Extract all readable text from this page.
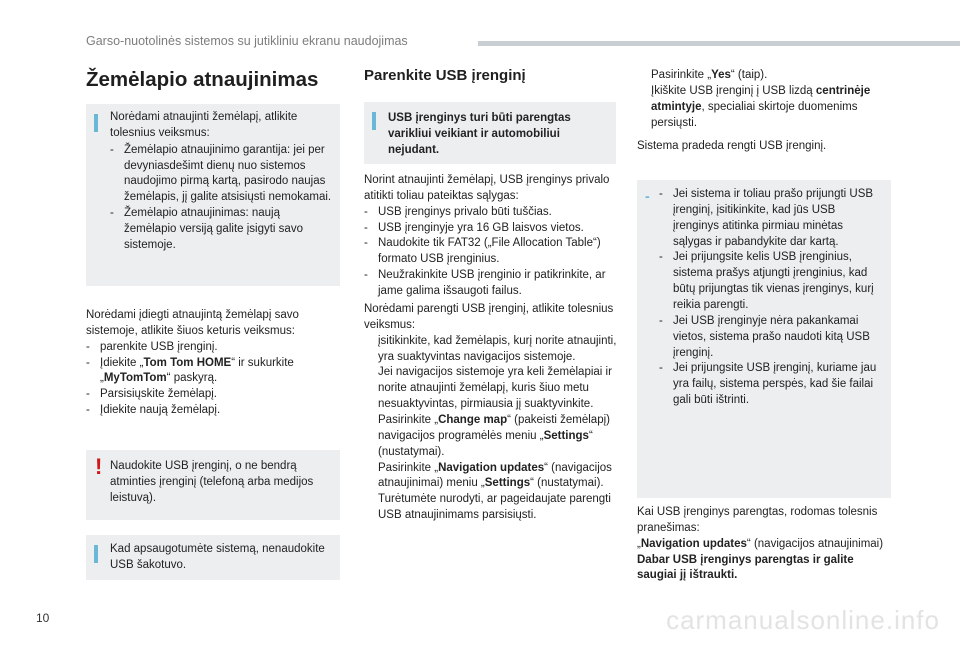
Garso-nuotolinės sistemos su jutikliniu ekranu naudojimas
Žemėlapio atnaujinimas

Norėdami atnaujinti žemėlapį, atlikite tolesnius veiksmus:

- Žemėlapio atnaujinimo garantija: jei per devyniasdešimt dienų nuo sistemos naudojimo pirmą kartą, pasirodo naujas žemėlapis, jį galite atsisiųsti nemokamai.
- Žemėlapio atnaujinimas: naują žemėlapio versiją galite įsigyti savo sistemoje.

Norėdami įdiegti atnaujintą žemėlapį savo sistemoje, atlikite šiuos keturis veiksmus:

- parenkite USB įrenginį.
- Įdiekite „Tom Tom HOME“ ir sukurkite „MyTomTom“ paskyrą.
- Parsisiųskite žemėlapį.
- Įdiekite naują žemėlapį.
! Naudokite USB įrenginį, o ne bendrą atminties įrenginį (telefoną arba medijos leistuvą).

Kad apsaugotumėte sistemą, nenaudokite USB šakotuvo.

Parenkite USB įrenginį

USB įrenginys turi būti parengtas varikliui veikiant ir automobiliui nejudant.

Norint atnaujinti žemėlapį, USB įrenginys privalo atitikti toliau pateiktas sąlygas:

- USB įrenginys privalo būti tuščias.
- USB įrenginyje yra 16 GB laisvos vietos.
- Naudokite tik FAT32 („File Allocation Table“) formato USB įrenginius.
- Neužrakinkite USB įrenginio ir patikrinkite, ar jame galima išsaugoti failus.

Norėdami parengti USB įrenginį, atlikite tolesnius veiksmus:

įsitikinkite, kad žemėlapis, kurį norite atnaujinti, yra suaktyvintas navigacijos sistemoje.
Jei navigacijos sistemoje yra keli žemėlapiai ir norite atnaujinti žemėlapį, kuris šiuo metu nesuaktyvintas, pirmiausia jį suaktyvinkite.
Pasirinkite „Change map“ (pakeisti žemėlapį) navigacijos programėlės meniu „Settings“ (nustatymai).
Pasirinkite „Navigation updates“ (navigacijos atnaujinimai) meniu „Settings“ (nustatymai).
Turėtumėte nurodyti, ar pageidaujate parengti USB atnaujinimams parsisiųsti.
Pasirinkite „Yes“ (taip).
Įkiškite USB įrenginį į USB lizdą centrinėje atmintyje, specialiai skirtoje duomenims persiųsti.

Sistema pradeda rengti USB įrenginį.

- - Jei sistema ir toliau prašo prijungti USB įrenginį, įsitikinkite, kad jūs USB įrenginys atitinka pirmiau minėtas sąlygas ir pabandykite dar kartą.
- Jei prijungsite kelis USB įrenginius, sistema prašys atjungti įrenginius, kad būtų prijungtas tik vienas įrenginys, kurį reikia parengti.
- Jei USB įrenginyje nėra pakankamai vietos, sistema prašo naudoti kitą USB įrenginį.
- Jei prijungsite USB įrenginį, kuriame jau yra failų, sistema perspės, kad šie failai gali būti ištrinti.

Kai USB įrenginys parengtas, rodomas tolesnis pranešimas:

„Navigation updates“ (navigacijos atnaujinimai)

Dabar USB įrenginys parengtas ir galite saugiai jį ištraukti.

10	carmanualsonline.info
